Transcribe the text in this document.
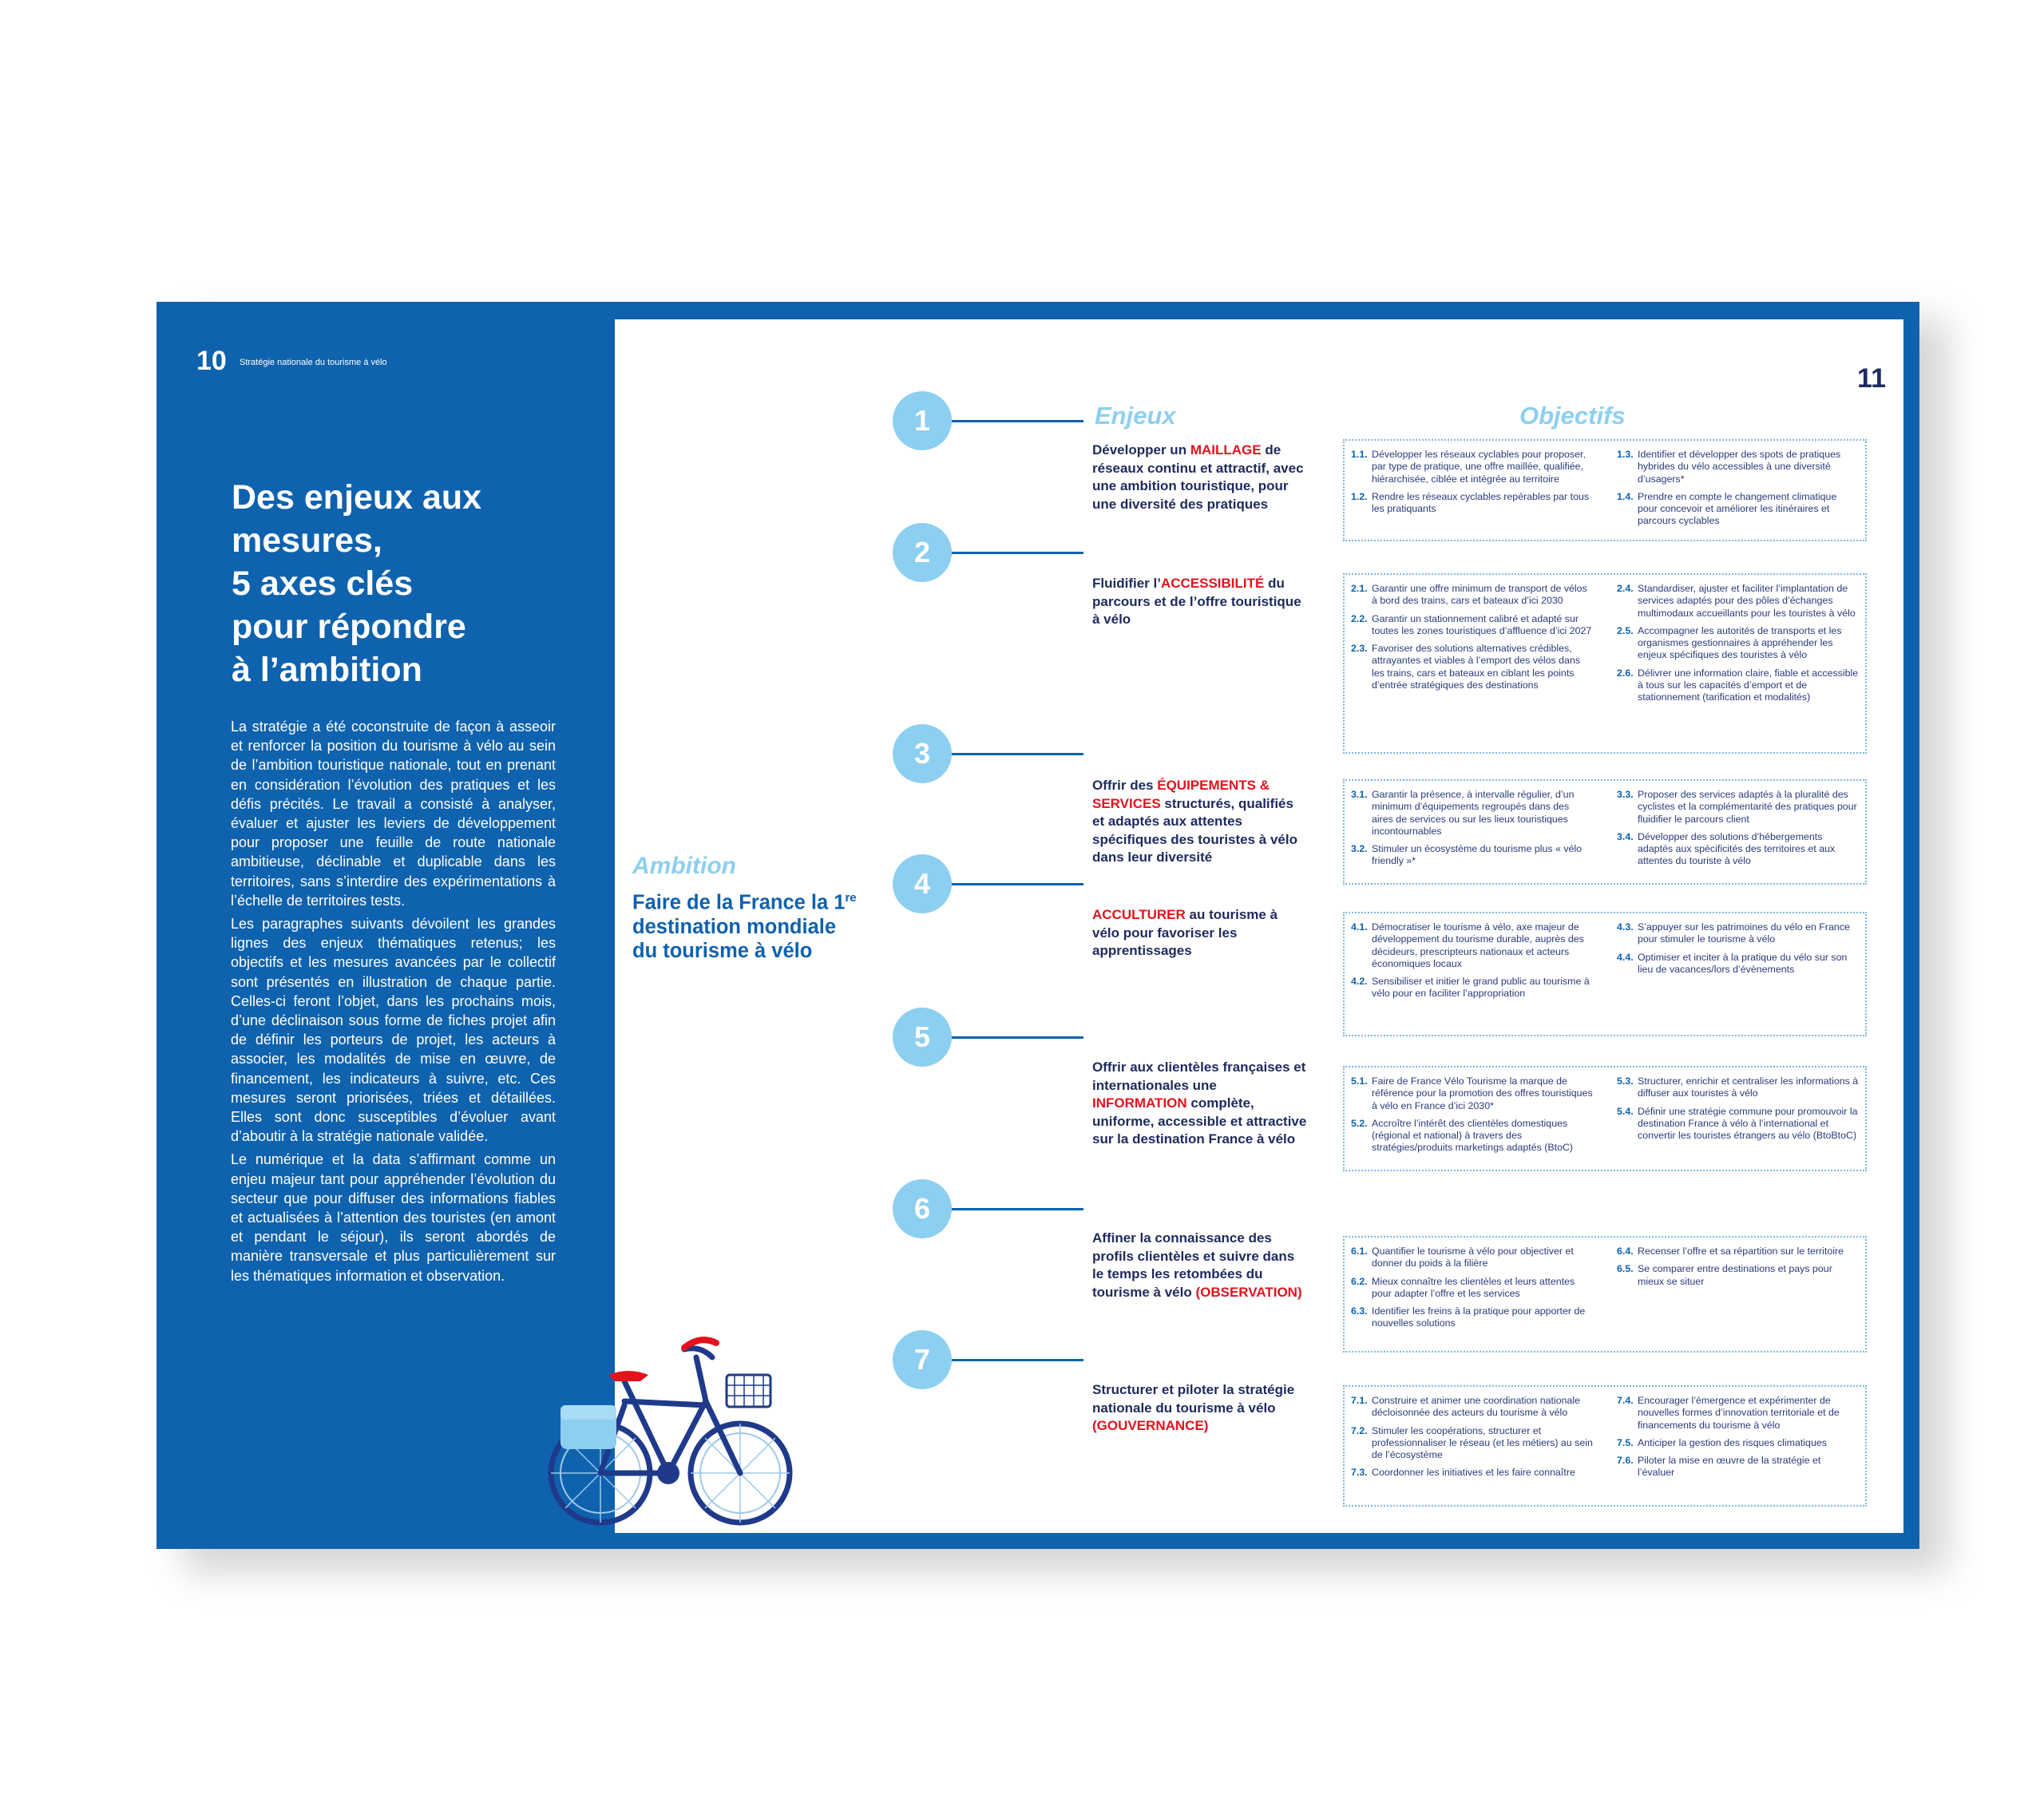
10 Stratégie nationale du tourisme à vélo
Des enjeux aux
mesures,
5 axes clés
pour répondre
à l’ambition

La stratégie a été coconstruite de façon à asseoir et renforcer la position du tourisme à vélo au sein de l’ambition touristique nationale, tout en prenant en considération l’évolution des pratiques et les défis précités. Le travail a consisté à analyser, évaluer et ajuster les leviers de développement pour proposer une feuille de route nationale ambitieuse, déclinable et duplicable dans les territoires, sans s’interdire des expérimentations à l’échelle de territoires tests.

Les paragraphes suivants dévoilent les grandes lignes des enjeux thématiques retenus; les objectifs et les mesures avancées par le collectif sont présentés en illustration de chaque partie. Celles-ci feront l’objet, dans les prochains mois, d’une déclinaison sous forme de fiches projet afin de définir les porteurs de projet, les acteurs à associer, les modalités de mise en œuvre, de financement, les indicateurs à suivre, etc. Ces mesures seront priorisées, triées et détaillées. Elles sont donc susceptibles d’évoluer avant d’aboutir à la stratégie nationale validée.

Le numérique et la data s’affirmant comme un enjeu majeur tant pour appréhender l’évolution du secteur que pour diffuser des informations fiables et actualisées à l’attention des touristes (en amont et pendant le séjour), ils seront abordés de manière transversale et plus particulièrement sur les thématiques information et observation.

11
Enjeux	Objectifs
Ambition
Faire de la France la 1re destination mondiale du tourisme à vélo
1
Développer un MAILLAGE de réseaux continu et attractif, avec une ambition touristique, pour une diversité des pratiques
1.1. Développer les réseaux cyclables pour proposer, par type de pratique, une offre maillée, qualifiée, hiérarchisée, ciblée et intégrée au territoire
1.2. Rendre les réseaux cyclables repérables par tous les pratiquants
1.3. Identifier et développer des spots de pratiques hybrides du vélo accessibles à une diversité d’usagers*
1.4. Prendre en compte le changement climatique pour concevoir et améliorer les itinéraires et parcours cyclables
2
Fluidifier l’ACCESSIBILITÉ du parcours et de l’offre touristique à vélo
2.1. Garantir une offre minimum de transport de vélos à bord des trains, cars et bateaux d’ici 2030
2.2. Garantir un stationnement calibré et adapté sur toutes les zones touristiques d’affluence d’ici 2027
2.3. Favoriser des solutions alternatives crédibles, attrayantes et viables à l’emport des vélos dans les trains, cars et bateaux en ciblant les points d’entrée stratégiques des destinations
2.4. Standardiser, ajuster et faciliter l’implantation de services adaptés pour des pôles d’échanges multimodaux accueillants pour les touristes à vélo
2.5. Accompagner les autorités de transports et les organismes gestionnaires à appréhender les enjeux spécifiques des touristes à vélo
2.6. Délivrer une information claire, fiable et accessible à tous sur les capacités d’emport et de stationnement (tarification et modalités)
3
Offrir des ÉQUIPEMENTS & SERVICES structurés, qualifiés et adaptés aux attentes spécifiques des touristes à vélo dans leur diversité
3.1. Garantir la présence, à intervalle régulier, d’un minimum d’équipements regroupés dans des aires de services ou sur les lieux touristiques incontournables
3.2. Stimuler un écosystème du tourisme plus « vélo friendly »*
3.3. Proposer des services adaptés à la pluralité des cyclistes et la complémentarité des pratiques pour fluidifier le parcours client
3.4. Développer des solutions d’hébergements adaptés aux spécificités des territoires et aux attentes du touriste à vélo
4
ACCULTURER au tourisme à vélo pour favoriser les apprentissages
4.1. Démocratiser le tourisme à vélo, axe majeur de développement du tourisme durable, auprès des décideurs, prescripteurs nationaux et acteurs économiques locaux
4.2. Sensibiliser et initier le grand public au tourisme à vélo pour en faciliter l’appropriation
4.3. S’appuyer sur les patrimoines du vélo en France pour stimuler le tourisme à vélo
4.4. Optimiser et inciter à la pratique du vélo sur son lieu de vacances/lors d’évènements
5
Offrir aux clientèles françaises et internationales une INFORMATION complète, uniforme, accessible et attractive sur la destination France à vélo
5.1. Faire de France Vélo Tourisme la marque de référence pour la promotion des offres touristiques à vélo en France d’ici 2030*
5.2. Accroître l’intérêt des clientèles domestiques (régional et national) à travers des stratégies/produits marketings adaptés (BtoC)
5.3. Structurer, enrichir et centraliser les informations à diffuser aux touristes à vélo
5.4. Définir une stratégie commune pour promouvoir la destination France à vélo à l’international et convertir les touristes étrangers au vélo (BtoBtoC)
6
Affiner la connaissance des profils clientèles et suivre dans le temps les retombées du tourisme à vélo (OBSERVATION)
6.1. Quantifier le tourisme à vélo pour objectiver et donner du poids à la filière
6.2. Mieux connaître les clientèles et leurs attentes pour adapter l’offre et les services
6.3. Identifier les freins à la pratique pour apporter de nouvelles solutions
6.4. Recenser l’offre et sa répartition sur le territoire
6.5. Se comparer entre destinations et pays pour mieux se situer
7
Structurer et piloter la stratégie nationale du tourisme à vélo (GOUVERNANCE)
7.1. Construire et animer une coordination nationale décloisonnée des acteurs du tourisme à vélo
7.2. Stimuler les coopérations, structurer et professionnaliser le réseau (et les métiers) au sein de l’écosystème
7.3. Coordonner les initiatives et les faire connaître
7.4. Encourager l’émergence et expérimenter de nouvelles formes d’innovation territoriale et de financements du tourisme à vélo
7.5. Anticiper la gestion des risques climatiques
7.6. Piloter la mise en œuvre de la stratégie et l’évaluer
